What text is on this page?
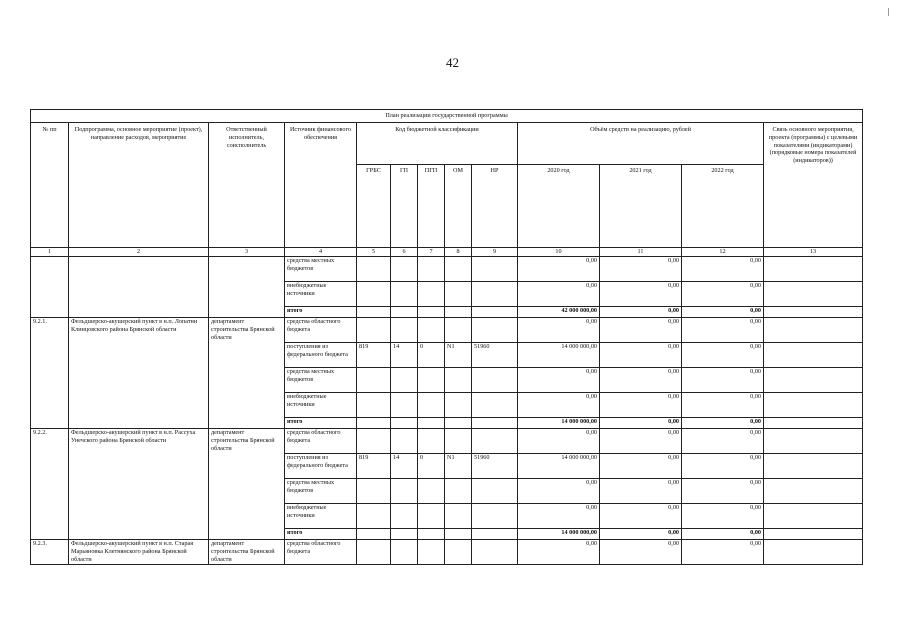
42
План реализации государственной программы												
№ пп	Подпрограмма, основное мероприятие (проект), направление расходов, мероприятие	Ответственный исполнитель, соисполнитель	Источник финансового обеспечения	Код бюджетной классификации					Объём средств на реализацию, рублей			Связь основного мероприятия, проекта (программы) с целевыми показателями (индикаторами) (порядковые номера показателей (индикаторов))
				ГРБС	ГП	ПГП	ОМ	НР	2020 год	2021 год	2022 год	
1	2	3	4	5	6	7	8	9	10	11	12	13
			средства местных бюджетов						0,00	0,00	0,00	
			внебюджетные источники						0,00	0,00	0,00	
			итого						42 000 000,00	0,00	0,00	
9.2.1.	Фельдшерско-акушерский пункт в н.п. Лопатни Клинцовского района Брянской области	департамент строительства Брянской области	средства областного бюджета						0,00	0,00	0,00	
			поступления из федерального бюджета	819	14	0	N1	51960	14 000 000,00	0,00	0,00	
			средства местных бюджетов						0,00	0,00	0,00	
			внебюджетные источники						0,00	0,00	0,00	
			итого						14 000 000,00	0,00	0,00	
9.2.2.	Фельдшерско-акушерский пункт в н.п. Рассуха Унечского района Брянской области	департамент строительства Брянской области	средства областного бюджета						0,00	0,00	0,00	
			поступления из федерального бюджета	819	14	0	N1	51960	14 000 000,00	0,00	0,00	
			средства местных бюджетов						0,00	0,00	0,00	
			внебюджетные источники						0,00	0,00	0,00	
			итого						14 000 000,00	0,00	0,00	
9.2.3.	Фельдшерско-акушерский пункт в н.п. Старая Марьяновка Клетнянского района Брянской области	департамент строительства Брянской области	средства областного бюджета						0,00	0,00	0,00	
